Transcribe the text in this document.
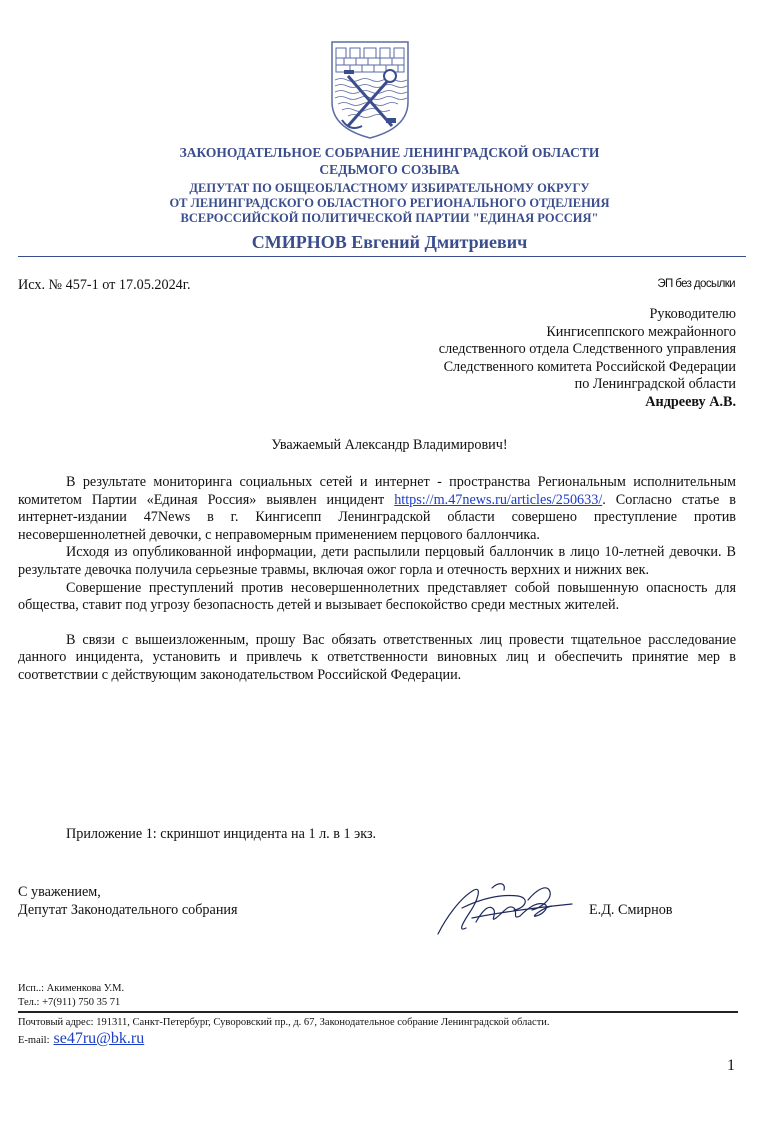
ЗАКОНОДАТЕЛЬНОЕ СОБРАНИЕ ЛЕНИНГРАДСКОЙ ОБЛАСТИ
СЕДЬМОГО СОЗЫВА
ДЕПУТАТ ПО ОБЩЕОБЛАСТНОМУ ИЗБИРАТЕЛЬНОМУ ОКРУГУ
ОТ ЛЕНИНГРАДСКОГО ОБЛАСТНОГО РЕГИОНАЛЬНОГО ОТДЕЛЕНИЯ
ВСЕРОССИЙСКОЙ ПОЛИТИЧЕСКОЙ ПАРТИИ "ЕДИНАЯ РОССИЯ"
СМИРНОВ Евгений Дмитриевич
Исх. № 457-1 от 17.05.2024г.	ЭП без досылки
Руководителю
Кингисеппского межрайонного
следственного отдела Следственного управления
Следственного комитета Российской Федерации
по Ленинградской области
Андрееву А.В.
Уважаемый Александр Владимирович!

В результате мониторинга социальных сетей и интернет - пространства Региональным исполнительным комитетом Партии «Единая Россия» выявлен инцидент https://m.47news.ru/articles/250633/. Согласно статье в интернет-издании 47News в г. Кингисепп Ленинградской области совершено преступление против несовершеннолетней девочки, с неправомерным применением перцового баллончика.

Исходя из опубликованной информации, дети распылили перцовый баллончик в лицо 10-летней девочки. В результате девочка получила серьезные травмы, включая ожог горла и отечность верхних и нижних век.

Совершение преступлений против несовершеннолетних представляет собой повышенную опасность для общества, ставит под угрозу безопасность детей и вызывает беспокойство среди местных жителей.

В связи с вышеизложенным, прошу Вас обязать ответственных лиц провести тщательное расследование данного инцидента, установить и привлечь к ответственности виновных лиц и обеспечить принятие мер в соответствии с действующим законодательством Российской Федерации.

Приложение 1: скриншот инцидента на 1 л. в 1 экз.
С уважением,
Депутат Законодательного собрания	Е.Д. Смирнов
Исп..: Акименкова У.М.
Тел.: +7(911) 750 35 71
Почтовый адрес: 191311, Санкт-Петербург, Суворовский пр., д. 67, Законодательное собрание Ленинградской области.
E-mail: se47ru@bk.ru
1
